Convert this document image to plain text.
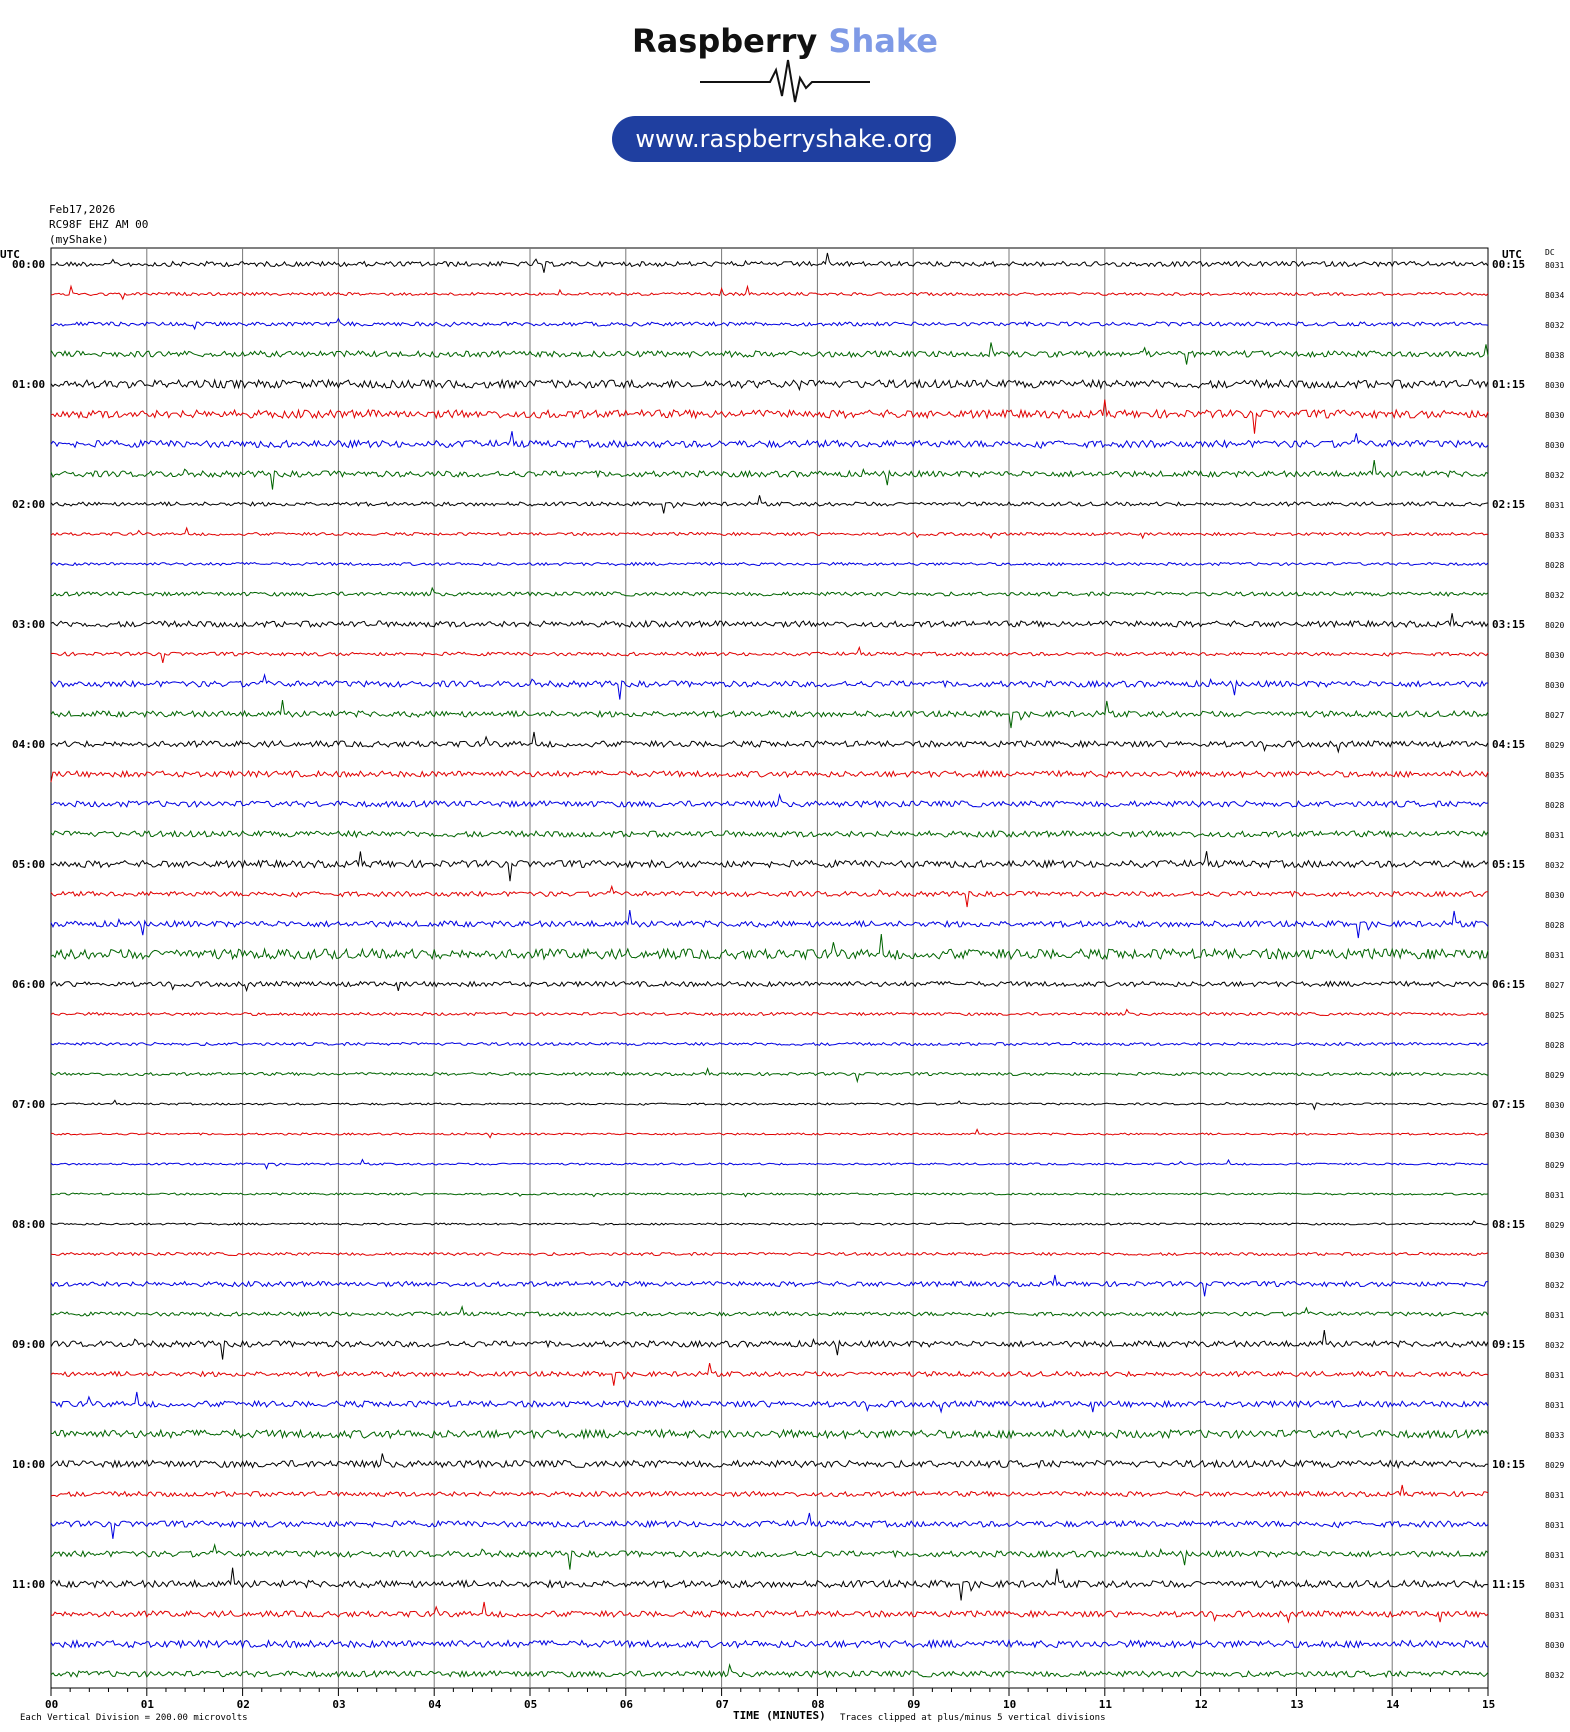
Raspberry Shake
www.raspberryshake.org
Feb17,2026
RC98F EHZ AM 00
(myShake)
8031
00:00	00:15
8034
8032
8038
8030
01:00	01:15
8030
8030
8032
8031
02:00	02:15
8033
8028
8032
8020
03:00	03:15
8030
8030
8027
8029
04:00	04:15
8035
8028
8031
8032
05:00	05:15
8030
8028
8031
8027
06:00	06:15
8025
8028
8029
8030
07:00	07:15
8030
8029
8031
8029
08:00	08:15
8030
8032
8031
8032
09:00	09:15
8031
8031
8033
8029
10:00	10:15
8031
8031
8031
8031
11:00	11:15
8031
8030
8032
00	01	02	03	04	05	06	07	08	09	10	11	12	13	14	15
UTC	UTC	DC
TIME (MINUTES)
Each Vertical Division = 200.00 microvolts	Traces clipped at plus/minus 5 vertical divisions
